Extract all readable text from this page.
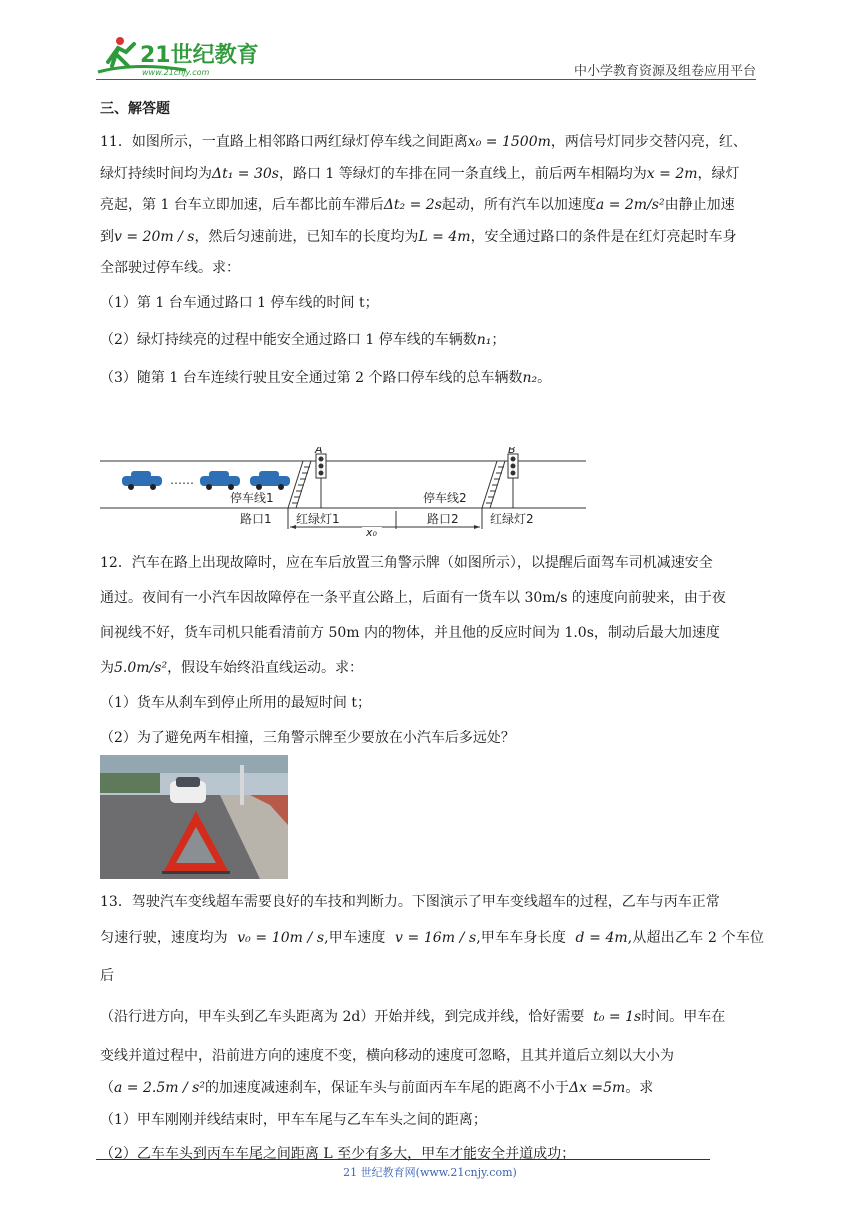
21世纪教育
www.21cnjy.com	中小学教育资源及组卷应用平台

三、解答题

11．如图所示，一直路上相邻路口两红绿灯停车线之间距离x₀ = 1500m，两信号灯同步交替闪亮，红、

绿灯持续时间均为Δt₁ = 30s，路口 1 等绿灯的车排在同一条直线上，前后两车相隔均为x = 2m，绿灯

亮起，第 1 台车立即加速，后车都比前车滞后Δt₂ = 2s起动，所有汽车以加速度a = 2m/s²由静止加速

到v = 20m / s，然后匀速前进，已知车的长度均为L = 4m，安全通过路口的条件是在红灯亮起时车身

全部驶过停车线。求：

（1）第 1 台车通过路口 1 停车线的时间 t；

（2）绿灯持续亮的过程中能安全通过路口 1 停车线的车辆数n₁；

（3）随第 1 台车连续行驶且安全通过第 2 个路口停车线的总车辆数n₂。

……
A	B
停车线1	停车线2
路口1 红绿灯1	路口2	红绿灯2
x₀

12．汽车在路上出现故障时，应在车后放置三角警示牌（如图所示），以提醒后面驾车司机减速安全

通过。夜间有一小汽车因故障停在一条平直公路上，后面有一货车以 30m/s 的速度向前驶来，由于夜

间视线不好，货车司机只能看清前方 50m 内的物体，并且他的反应时间为 1.0s，制动后最大加速度

为5.0m/s²，假设车始终沿直线运动。求：

（1）货车从刹车到停止所用的最短时间 t；

（2）为了避免两车相撞，三角警示牌至少要放在小汽车后多远处？

13．驾驶汽车变线超车需要良好的车技和判断力。下图演示了甲车变线超车的过程，乙车与丙车正常

匀速行驶，速度均为 v₀ = 10m / s,甲车速度 v = 16m / s,甲车车身长度 d = 4m,从超出乙车 2 个车位后

（沿行进方向，甲车头到乙车头距离为 2d）开始并线，到完成并线，恰好需要 t₀ = 1s时间。甲车在

变线并道过程中，沿前进方向的速度不变，横向移动的速度可忽略，且其并道后立刻以大小为

（a = 2.5m / s²的加速度减速刹车，保证车头与前面丙车车尾的距离不小于Δx =5m。求

（1）甲车刚刚并线结束时，甲车车尾与乙车车头之间的距离；

（2）乙车车头到丙车车尾之间距离 L 至少有多大，甲车才能安全并道成功；

21 世纪教育网(www.21cnjy.com)
